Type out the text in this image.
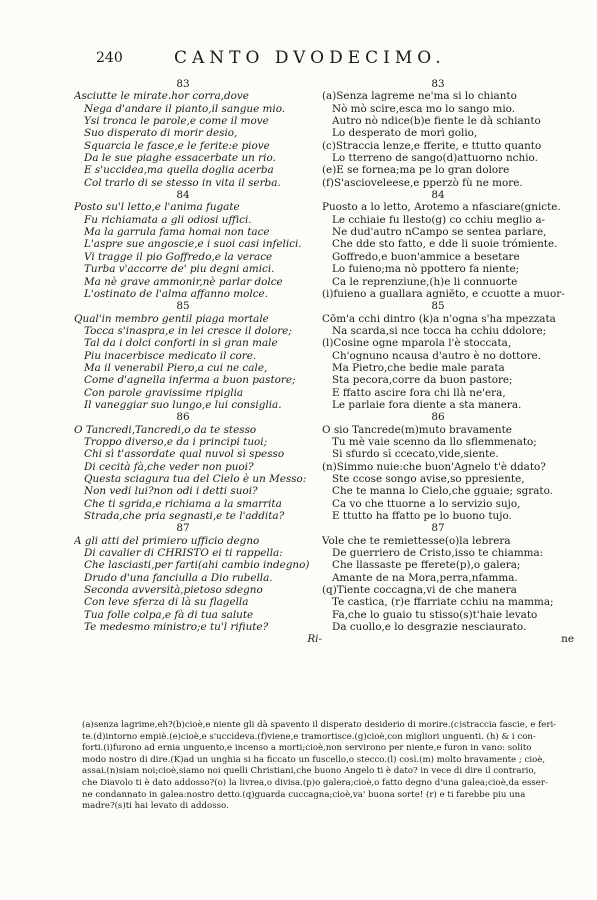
240	CANTO DVODECIMO.
83
Asciutte le mirate.hor corra,dove
Nega d'andare il pianto,il sangue mio.
Ysi tronca le parole,e come il move
Suo disperato di morir desio,
Squarcia le fasce,e le ferite:e piove
Da le sue piaghe essacerbate un rio.
E s'uccidea,ma quella doglia acerba
Col trarlo di se stesso in vita il serba.
84
Posto su'l letto,e l'anima fugate
Fu richiamata a gli odiosi uffici.
Ma la garrula fama homai non tace
L'aspre sue angoscie,e i suoi casi infelici.
Vi tragge il pio Goffredo,e la verace
Turba v'accorre de' piu degni amici.
Ma nè grave ammonir,nè parlar dolce
L'ostinato de l'alma affanno molce.
85
Qual'in membro gentil piaga mortale
Tocca s'inaspra,e in lei cresce il dolore;
Tal da i dolci conforti in sì gran male
Piu inacerbisce medicato il core.
Ma il venerabil Piero,a cui ne cale,
Come d'agnella inferma a buon pastore;
Con parole gravissime ripiglia
Il vaneggiar suo lungo,e lui consiglia.
86
O Tancredi,Tancredi,o da te stesso
Troppo diverso,e da i principi tuoi;
Chi sì t'assordate qual nuvol sì spesso
Di cecità fà,che veder non puoi?
Questa sciagura tua del Cielo è un Messo:
Non vedi lui?non odi i detti suoi?
Che ti sgrida,e richiama a la smarrita
Strada,che pria segnasti,e te l'addita?
87
A gli atti del primiero ufficio degno
Di cavalier di CHRISTO ei ti rappella:
Che lasciasti,per farti(ahi cambio indegno)
Drudo d'una fanciulla a Dio rubella.
Seconda avversità,pietoso sdegno
Con leve sferza di là su flagella
Tua folle colpa,e fà di tua salute
Te medesmo ministro;e tu'l rifiute?
Ri-
83
(a)Senza lagreme ne'ma si lo chianto
Nò mò scire,esca mo lo sango mio.
Autro nò ndice(b)e fiente le dà schianto
Lo desperato de morì golio,
(c)Straccia lenze,e fferite, e ttutto quanto
Lo tterreno de sango(d)attuorno nchio.
(e)E se fornea;ma pe lo gran dolore
(f)S'ascioveleese,e pperzò fù ne more.
84
Puosto a lo letto, Arotemo a nfasciare(gnicte.
Le cchiaie fu llesto(g) co cchiu meglio a-
Ne dud'autro nCampo se sentea parlare,
Che dde sto fatto, e dde li suoie trómiente.
Goffredo,e buon'ammice a besetare
Lo fuieno;ma nò ppotterо fa niente;
Ca le reprenziune,(h)e li connuorte
(i)fuieno a guallara agniēto, e ccuotte a muor-
85
Cōm'a cchi dintro (k)a n'ogna s'ha mpezzata
Na scarda,si nce tocca ha cchiu ddolore;
(l)Cosine ogne mparola l'è stoccata,
Ch'ognuno ncausa d'autro è no dottore.
Ma Pietro,che bedie male parata
Sta pecora,corre da buon pastore;
E ffatto ascire fora chi llà ne'era,
Le parlaie fora diente a sta manera.
86
O sio Tancrede(m)muto bravamente
Tu mè vaie scenno da llo sflemmenato;
Si sfurdo sì ccecato,vide,siente.
(n)Simmo nuie:che buon'Agnelo t'è ddato?
Ste ccose songo avise,so ppresiente,
Che te manna lo Cielo,che gguaie; sgrato.
Ca vo che ttuorne a lo servizio sujo,
E ttutto ha ffatto pe lo buono tujo.
87
Vole che te remiettesse(o)la lebrera
De guerriero de Cristo,isso te chiamma:
Che llassaste pe fferete(p),o galera;
Amante de na Mora,perra,nfamma.
(q)Tiente coccagna,vi de che manera
Te castica, (r)e ffarriate cchiu na mamma;
Fa,che lo guaio tu stisso(s)t'haie levato
Da cuollo,e lo desgrazie nesciaurato.
ne
(a)senza lagrime,eh?(b)cioè,e niente gli dà spavento il disperato desiderio di morire.(c)stracciа fascie, e feri-
te.(d)intorno empiè.(e)cioè,e s'uccideva.(f)viene,e tramortisce.(g)cioè,con migliori unguenti. (h) & i con-
forti.(i)furono ad ernia unguento,e incenso a morti;cioè,non servirono per niente,e furon in vano: solito
modo nostro di dire.(K)ad un unghia si ha ficcato un fuscello,o stecco.(l) così.(m) molto bravamente ; cioè,
assai.(n)siam noi;cioè,siamo noi quelli Christiani,che buono Angelo ti è dato? in vece di dire il contrario,
che Diavolo ti è dato addosso?(o) la livrea,o divisa.(p)o galera;cioè,o fatto degno d'una galea;cioè,da esser-
ne condannato in galea:nostro detto.(q)guarda cuccagna;cioè,va' buona sorte! (r) e ti farebbe piu una
madre?(s)ti hai levato di addosso.
